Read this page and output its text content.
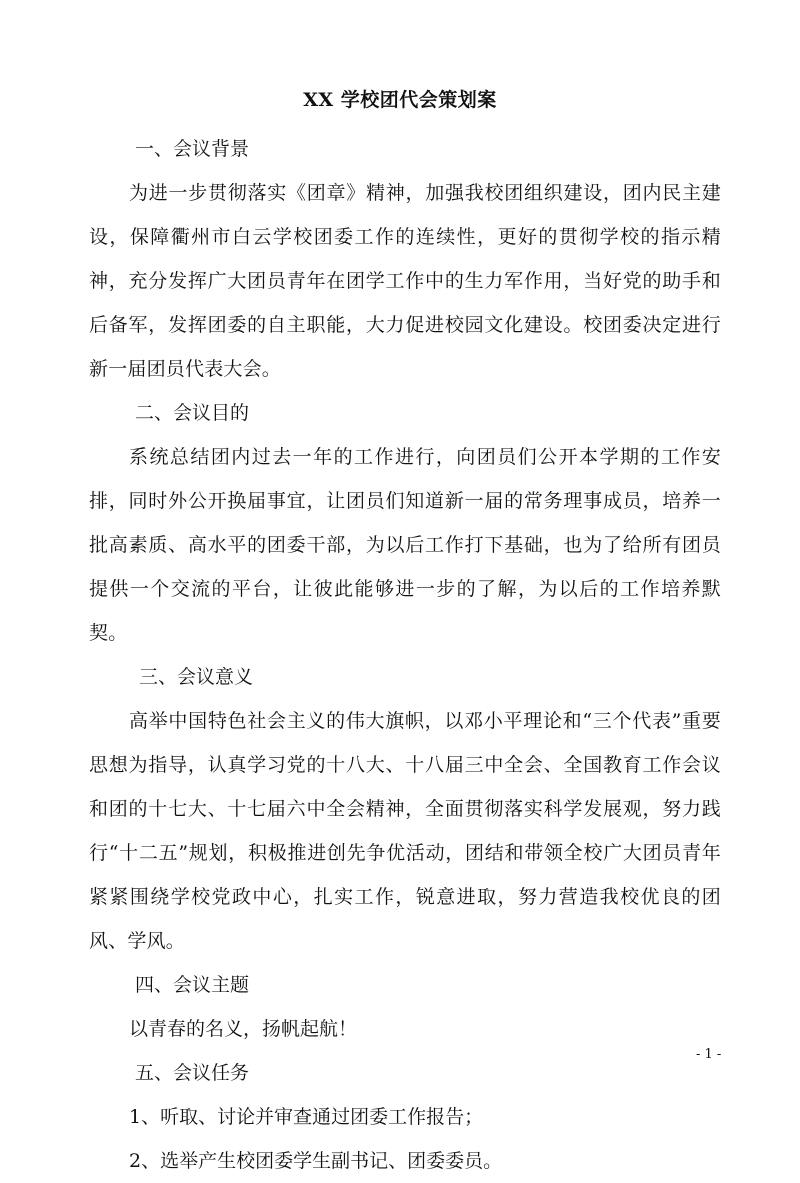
XX 学校团代会策划案

一、会议背景

为进一步贯彻落实《团章》精神，加强我校团组织建设，团内民主建设，保障衢州市白云学校团委工作的连续性，更好的贯彻学校的指示精神，充分发挥广大团员青年在团学工作中的生力军作用，当好党的助手和后备军，发挥团委的自主职能，大力促进校园文化建设。校团委决定进行新一届团员代表大会。

二、会议目的

系统总结团内过去一年的工作进行，向团员们公开本学期的工作安排，同时外公开换届事宜，让团员们知道新一届的常务理事成员，培养一批高素质、高水平的团委干部，为以后工作打下基础，也为了给所有团员提供一个交流的平台，让彼此能够进一步的了解，为以后的工作培养默契。

三、会议意义

高举中国特色社会主义的伟大旗帜，以邓小平理论和“三个代表”重要思想为指导，认真学习党的十八大、十八届三中全会、全国教育工作会议和团的十七大、十七届六中全会精神，全面贯彻落实科学发展观，努力践行“十二五”规划，积极推进创先争优活动，团结和带领全校广大团员青年紧紧围绕学校党政中心，扎实工作，锐意进取，努力营造我校优良的团风、学风。

四、会议主题

以青春的名义，扬帆起航！

五、会议任务

1、听取、讨论并审查通过团委工作报告；

2、选举产生校团委学生副书记、团委委员。

- 1 -
